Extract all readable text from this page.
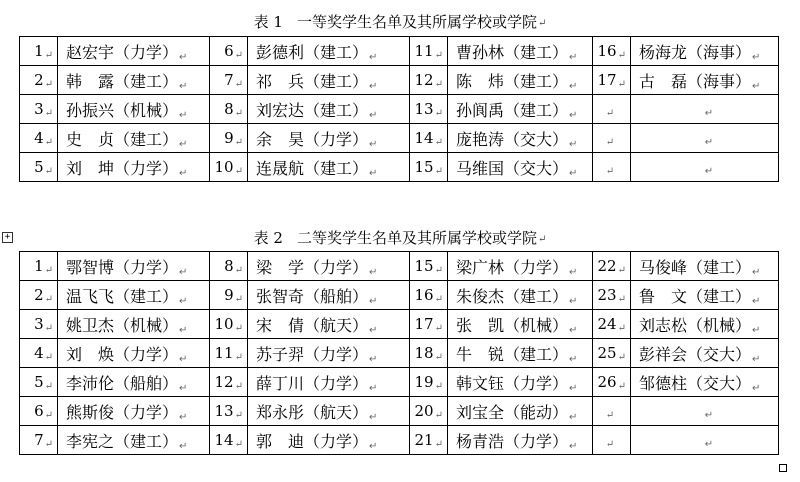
表 1 一等奖学生名单及其所属学校或学院↵
1↵	赵宏宇（力学）↵	6↵	彭德利（建工）↵	11↵	曹孙林（建工）↵	16↵	杨海龙（海事）↵
2↵	韩　露（建工）↵	7↵	祁　兵（建工）↵	12↵	陈　炜（建工）↵	17↵	古　磊（海事）↵
3↵	孙振兴（机械）↵	8↵	刘宏达（建工）↵	13↵	孙阆禹（建工）↵	↵	↵
4↵	史　贞（建工）↵	9↵	余　昊（力学）↵	14↵	庞艳涛（交大）↵	↵	↵
5↵	刘　坤（力学）↵	10↵	连晟航（建工）↵	15↵	马维国（交大）↵	↵	↵
表 2 二等奖学生名单及其所属学校或学院↵
+
1↵	鄂智博（力学）↵	8↵	梁　学（力学）↵	15↵	梁广林（力学）↵	22↵	马俊峰（建工）↵
2↵	温飞飞（建工）↵	9↵	张智奇（船舶）↵	16↵	朱俊杰（建工）↵	23↵	鲁　文（建工）↵
3↵	姚卫杰（机械）↵	10↵	宋　倩（航天）↵	17↵	张　凯（机械）↵	24↵	刘志松（机械）↵
4↵	刘　焕（力学）↵	11↵	苏子羿（力学）↵	18↵	牛　锐（建工）↵	25↵	彭祥会（交大）↵
5↵	李沛伦（船舶）↵	12↵	薛丁川（力学）↵	19↵	韩文钰（力学）↵	26↵	邹德柱（交大）↵
6↵	熊斯俊（力学）↵	13↵	郑永彤（航天）↵	20↵	刘宝全（能动）↵	↵	↵
7↵	李宪之（建工）↵	14↵	郭　迪（力学）↵	21↵	杨青浩（力学）↵	↵	↵
